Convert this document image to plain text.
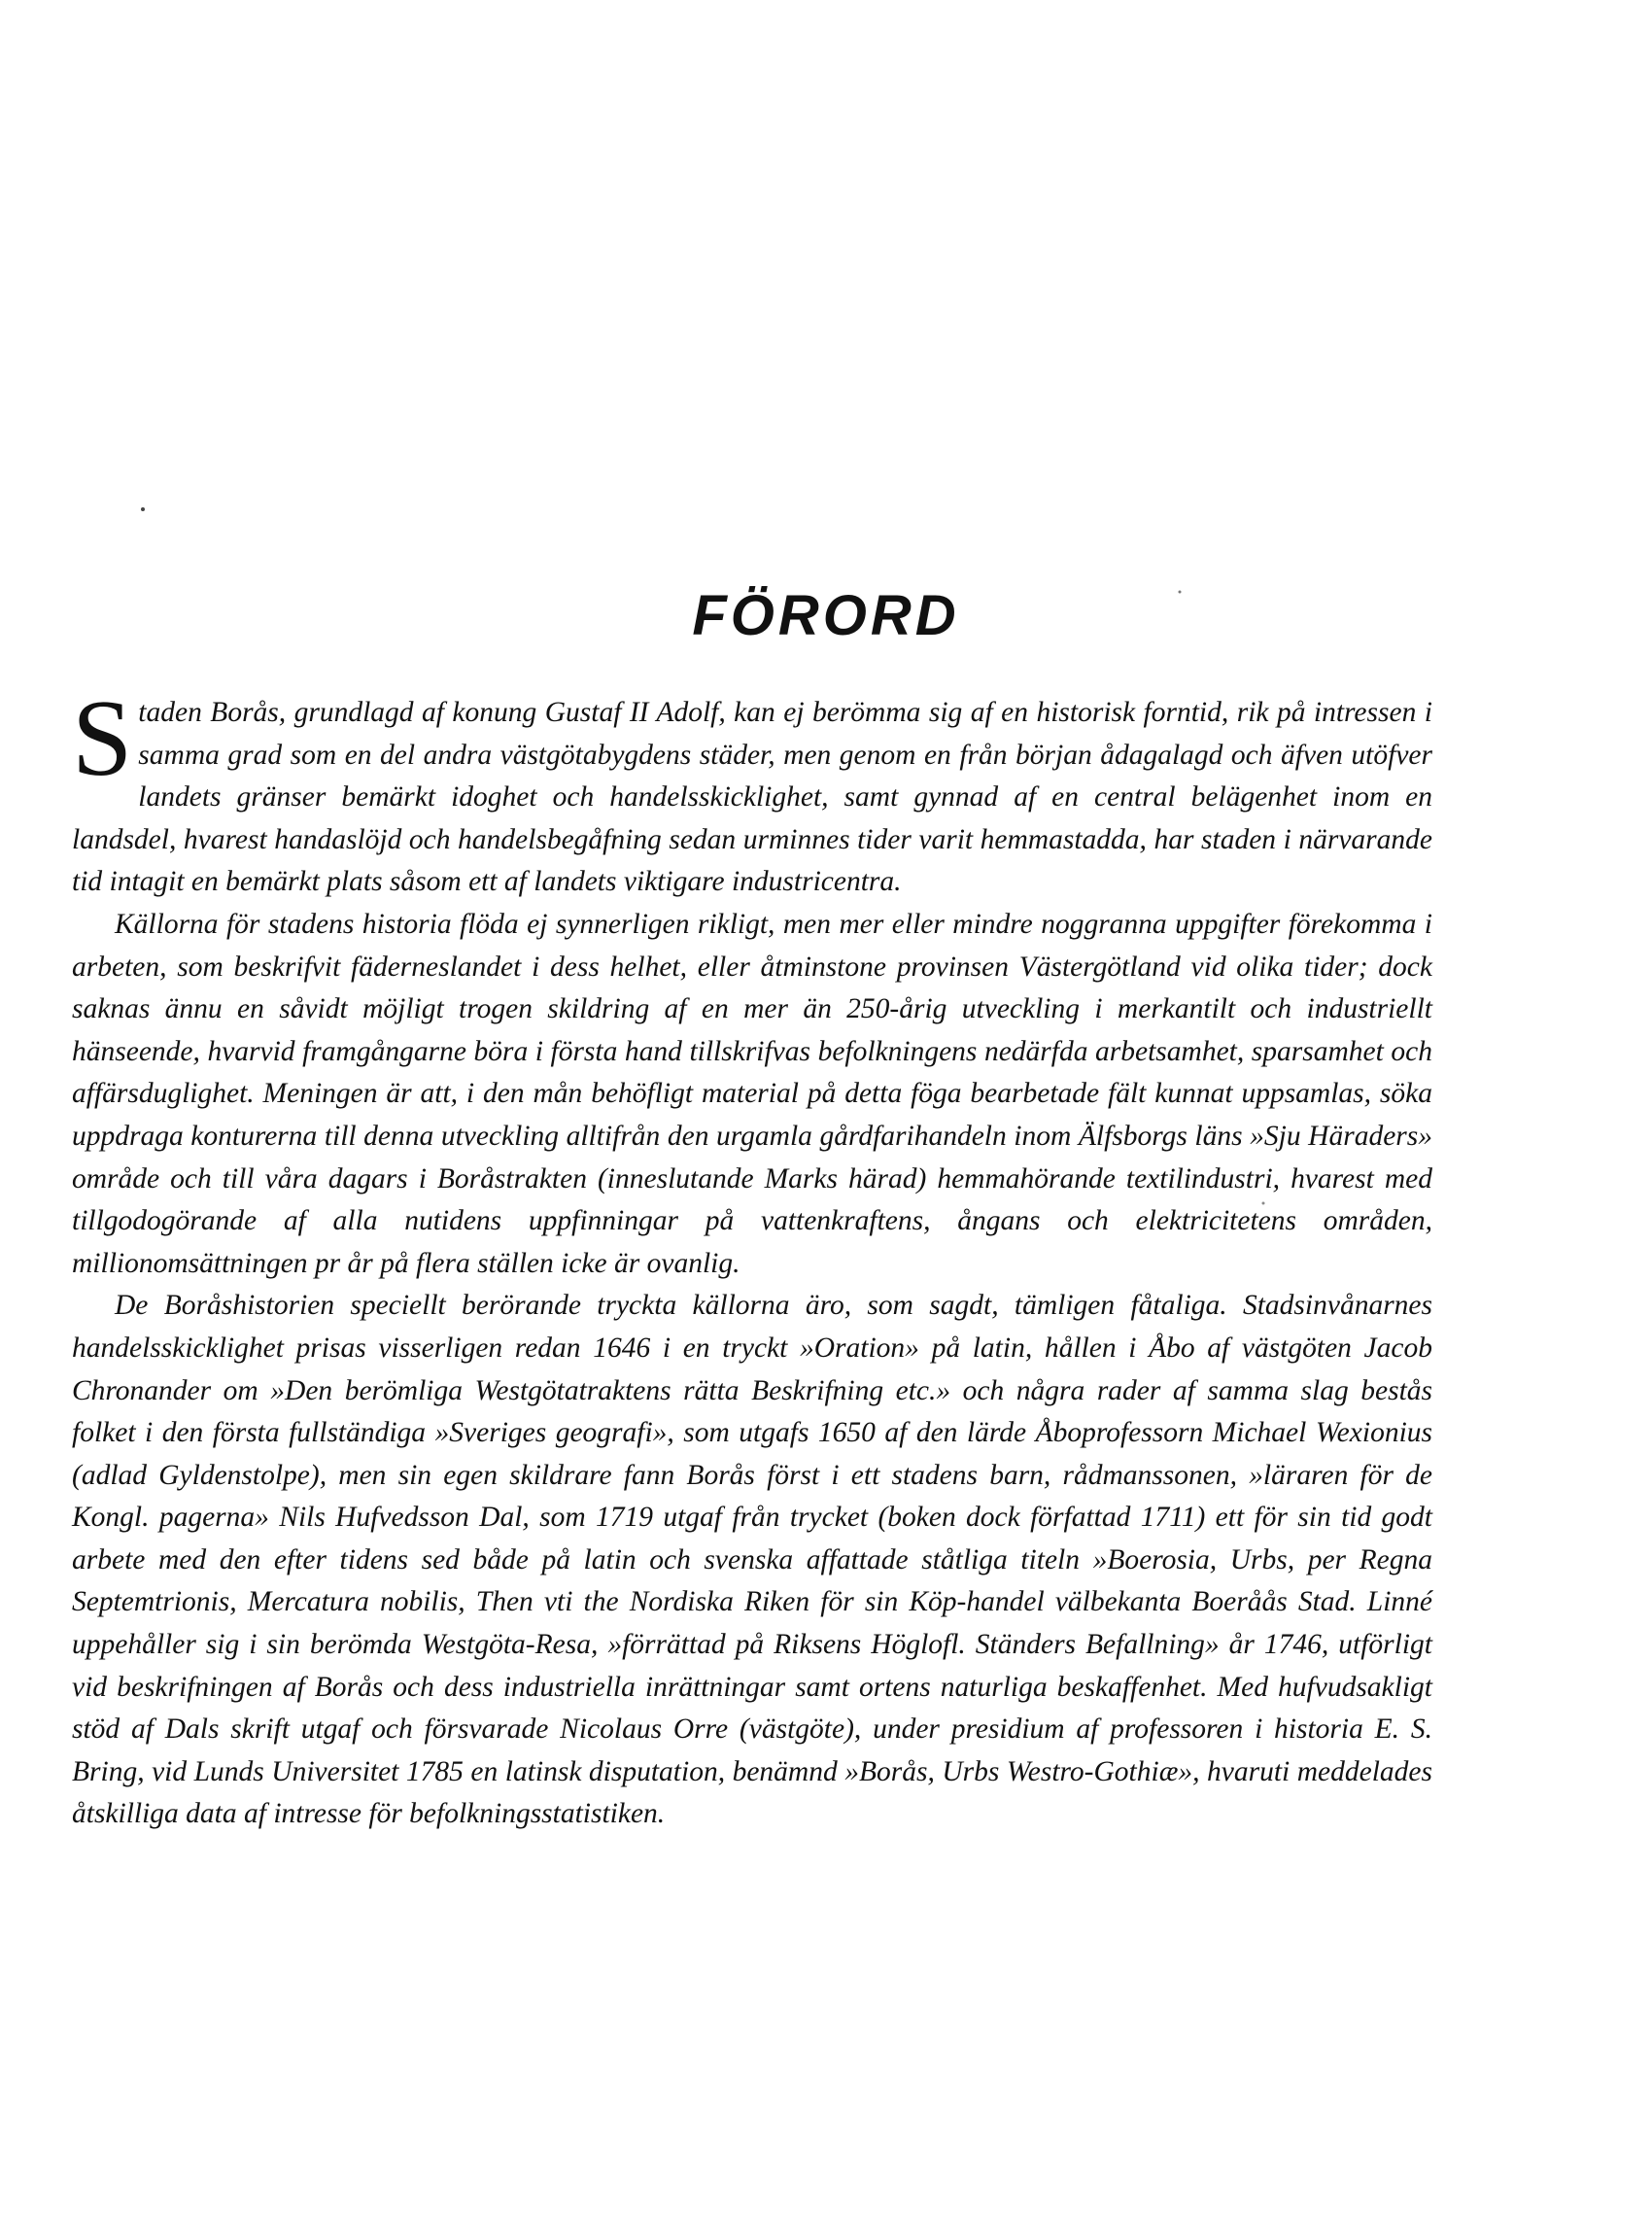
FÖRORD

Staden Borås, grundlagd af konung Gustaf II Adolf, kan ej berömma sig af en historisk forntid, rik på intressen i samma grad som en del andra västgötabygdens städer, men genom en från början ådagalagd och äfven utöfver landets gränser bemärkt idoghet och handelsskicklighet, samt gynnad af en central belägenhet inom en landsdel, hvarest handaslöjd och handelsbegåfning sedan urminnes tider varit hemmastadda, har staden i närvarande tid intagit en bemärkt plats såsom ett af landets viktigare industricentra.

Källorna för stadens historia flöda ej synnerligen rikligt, men mer eller mindre noggranna uppgifter förekomma i arbeten, som beskrifvit fäderneslandet i dess helhet, eller åtminstone provinsen Västergötland vid olika tider; dock saknas ännu en såvidt möjligt trogen skildring af en mer än 250-årig utveckling i merkantilt och industriellt hänseende, hvarvid framgångarne böra i första hand tillskrifvas befolkningens nedärfda arbetsamhet, sparsamhet och affärsduglighet. Meningen är att, i den mån behöfligt material på detta föga bearbetade fält kunnat uppsamlas, söka uppdraga konturerna till denna utveckling alltifrån den urgamla gårdfarihandeln inom Älfsborgs läns »Sju Häraders» område och till våra dagars i Boråstrakten (inneslutande Marks härad) hemmahörande textilindustri, hvarest med tillgodogörande af alla nutidens uppfinningar på vattenkraftens, ångans och elektricitetens områden, millionomsättningen pr år på flera ställen icke är ovanlig.

De Boråshistorien speciellt berörande tryckta källorna äro, som sagdt, tämligen fåtaliga. Stadsinvånarnes handelsskicklighet prisas visserligen redan 1646 i en tryckt »Oration» på latin, hållen i Åbo af västgöten Jacob Chronander om »Den berömliga Westgötatraktens rätta Beskrifning etc.» och några rader af samma slag bestås folket i den första fullständiga »Sveriges geografi», som utgafs 1650 af den lärde Åboprofessorn Michael Wexionius (adlad Gyldenstolpe), men sin egen skildrare fann Borås först i ett stadens barn, rådmanssonen, »läraren för de Kongl. pagerna» Nils Hufvedsson Dal, som 1719 utgaf från trycket (boken dock författad 1711) ett för sin tid godt arbete med den efter tidens sed både på latin och svenska affattade ståtliga titeln »Boerosia, Urbs, per Regna Septemtrionis, Mercatura nobilis, Then vti the Nordiska Riken för sin Köp-handel välbekanta Boeråås Stad. Linné uppehåller sig i sin berömda Westgöta-Resa, »förrättad på Riksens Höglofl. Ständers Befallning» år 1746, utförligt vid beskrifningen af Borås och dess industriella inrättningar samt ortens naturliga beskaffenhet. Med hufvudsakligt stöd af Dals skrift utgaf och försvarade Nicolaus Orre (västgöte), under presidium af professoren i historia E. S. Bring, vid Lunds Universitet 1785 en latinsk disputation, benämnd »Borås, Urbs Westro-Gothiæ», hvaruti meddelades åtskilliga data af intresse för befolkningsstatistiken.
